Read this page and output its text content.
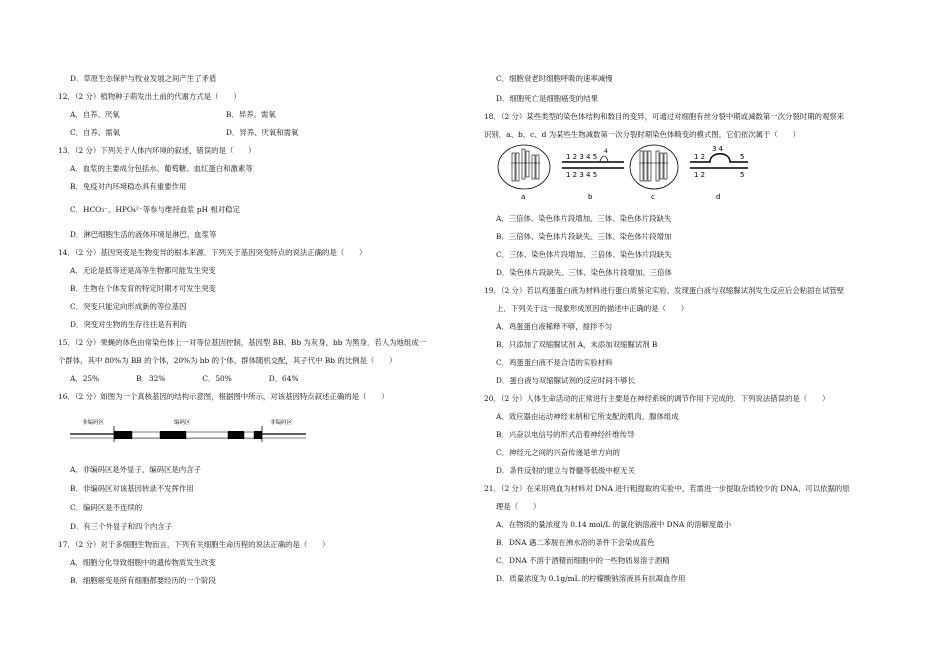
D．草原生态保护与牧业发展之间产生了矛盾
12．（2 分）植物种子萌发出土前的代谢方式是（　　）
A．自养、厌氧	B．异养、需氧
C．自养、需氧	D．异养、厌氧和需氧
13．（2 分）下列关于人体内环境的叙述，错误的是（　　）
A．血浆的主要成分包括水、葡萄糖、血红蛋白和激素等
B．免疫对内环境稳态具有重要作用
C．HCO₃⁻、HPO₄²⁻等参与维持血浆 pH 相对稳定
D．淋巴细胞生活的液体环境是淋巴、血浆等
14．（2 分）基因突变是生物变异的根本来源．下列关于基因突变特点的说法正确的是（　　）
A．无论是低等还是高等生物都可能发生突变
B．生物在个体发育的特定时期才可发生突变
C．突变只能定向形成新的等位基因
D．突变对生物的生存往往是有利的
15．（2 分）果蝇的体色由常染色体上一对等位基因控制，基因型 BB、Bb 为灰身，bb 为黑身．若人为地组成一
个群体，其中 80%为 BB 的个体，20%为 bb 的个体，群体随机交配，其子代中 Bb 的比例是（　　）
A．25%　　　　　B．32%　　　　　C．50%　　　　　D．64%
16．（2 分）如图为一个真核基因的结构示意图，根据图中所示，对该基因特点叙述正确的是（　　）
非编码区	编码区	非编码区
A．非编码区是外显子，编码区是内含子
B．非编码区对该基因转录不发挥作用
C．编码区是不连续的
D．有三个外显子和四个内含子
17．（2 分）对于多细胞生物而言，下列有关细胞生命历程的说法正确的是（　　）
A．细胞分化导致细胞中的遗传物质发生改变
B．细胞癌变是所有细胞都要经历的一个阶段
C．细胞衰老时细胞呼吸的速率减慢
D．细胞死亡是细胞癌变的结果
18．（2 分）某些类型的染色体结构和数目的变异，可通过对细胞有丝分裂中期或减数第一次分裂时期的观察来
识别．a、b、c、d 为某些生物减数第一次分裂时期染色体畸变的模式图，它们依次属于（　　）
a
1 2 3 4 5
4
1 2 3 4 5
b	c
1 2
3 4
5
1 2	5
d
A．三倍体、染色体片段增加、三体、染色体片段缺失
B．三倍体、染色体片段缺失、三体、染色体片段增加
C．三体、染色体片段增加、三倍体、染色体片段缺失
D．染色体片段缺失、三体、染色体片段增加、三倍体
19．（2 分）若以鸡蛋蛋白液为材料进行蛋白质鉴定实验，发现蛋白液与双缩脲试剂发生反应后会粘固在试管壁
上．下列关于这一现象形成原因的描述中正确的是（　　）
A．鸡蛋蛋白液稀释不够，搅拌不匀
B．只添加了双缩脲试剂 A，未添加双缩脲试剂 B
C．鸡蛋蛋白液不是合适的实验材料
D．蛋白液与双缩脲试剂的反应时间不够长
20．（2 分）人体生命活动的正常进行主要是在神经系统的调节作用下完成的．下列说法错误的是（　　）
A．效应器由运动神经末梢和它所支配的肌肉、腺体组成
B．兴奋以电信号的形式沿着神经纤维传导
C．神经元之间的兴奋传递是单方向的
D．条件反射的建立与脊髓等低级中枢无关
21．（2 分）在采用鸡血为材料对 DNA 进行粗提取的实验中，若需进一步提取杂质较少的 DNA，可以依据的原
理是（　　）
A．在物质的量浓度为 0.14 mol/L 的氯化钠溶液中 DNA 的溶解度最小
B．DNA 遇二苯胺在沸水浴的条件下会染成蓝色
C．DNA 不溶于酒精而细胞中的一些物质易溶于酒精
D．质量浓度为 0.1g/mL 的柠檬酸钠溶液具有抗凝血作用
